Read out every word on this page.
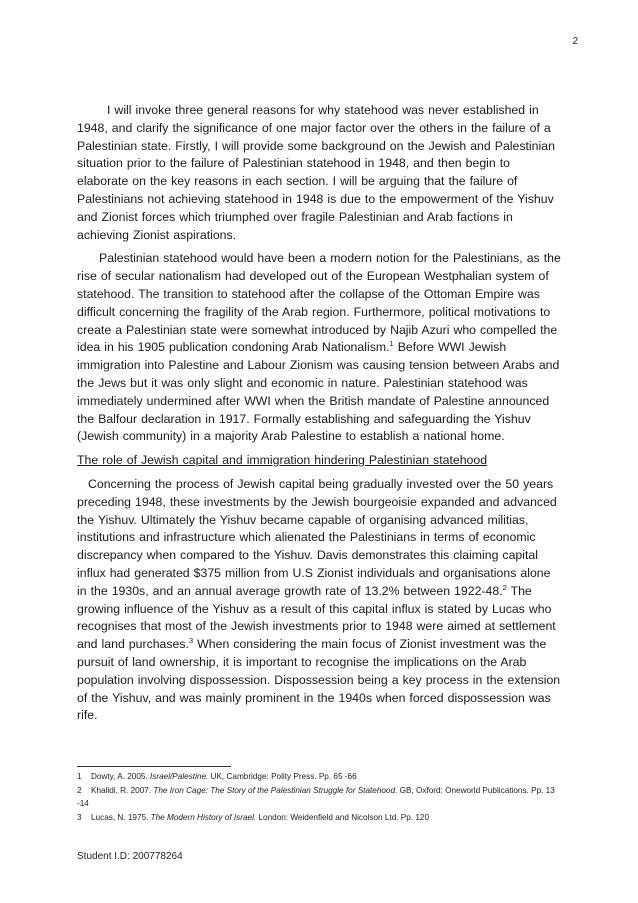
2

I will invoke three general reasons for why statehood was never established in 1948, and clarify the significance of one major factor over the others in the failure of a Palestinian state. Firstly, I will provide some background on the Jewish and Palestinian situation prior to the failure of Palestinian statehood in 1948, and then begin to elaborate on the key reasons in each section. I will be arguing that the failure of Palestinians not achieving statehood in 1948 is due to the empowerment of the Yishuv and Zionist forces which triumphed over fragile Palestinian and Arab factions in achieving Zionist aspirations.

Palestinian statehood would have been a modern notion for the Palestinians, as the rise of secular nationalism had developed out of the European Westphalian system of statehood. The transition to statehood after the collapse of the Ottoman Empire was difficult concerning the fragility of the Arab region. Furthermore, political motivations to create a Palestinian state were somewhat introduced by Najib Azuri who compelled the idea in his 1905 publication condoning Arab Nationalism.$^1$ Before WWI Jewish immigration into Palestine and Labour Zionism was causing tension between Arabs and the Jews but it was only slight and economic in nature. Palestinian statehood was immediately undermined after WWI when the British mandate of Palestine announced the Balfour declaration in 1917. Formally establishing and safeguarding the Yishuv (Jewish community) in a majority Arab Palestine to establish a national home.

The role of Jewish capital and immigration hindering Palestinian statehood

Concerning the process of Jewish capital being gradually invested over the 50 years preceding 1948, these investments by the Jewish bourgeoisie expanded and advanced the Yishuv. Ultimately the Yishuv became capable of organising advanced militias, institutions and infrastructure which alienated the Palestinians in terms of economic discrepancy when compared to the Yishuv. Davis demonstrates this claiming capital influx had generated $375 million from U.S Zionist individuals and organisations alone in the 1930s, and an annual average growth rate of 13.2% between 1922-48.$^2$ The growing influence of the Yishuv as a result of this capital influx is stated by Lucas who recognises that most of the Jewish investments prior to 1948 were aimed at settlement and land purchases.$^3$ When considering the main focus of Zionist investment was the pursuit of land ownership, it is important to recognise the implications on the Arab population involving dispossession. Dispossession being a key process in the extension of the Yishuv, and was mainly prominent in the 1940s when forced dispossession was rife.

1 Dowty, A. 2005. Israel/Palestine. UK, Cambridge: Polity Press. Pp. 65 -66

2 Khalidi, R. 2007. The Iron Cage: The Story of the Palestinian Struggle for Statehood. GB, Oxford: Oneworld Publications. Pp. 13 -14

3 Lucas, N. 1975. The Modern History of Israel. London: Weidenfield and Nicolson Ltd. Pp. 120

Student I.D: 200778264
